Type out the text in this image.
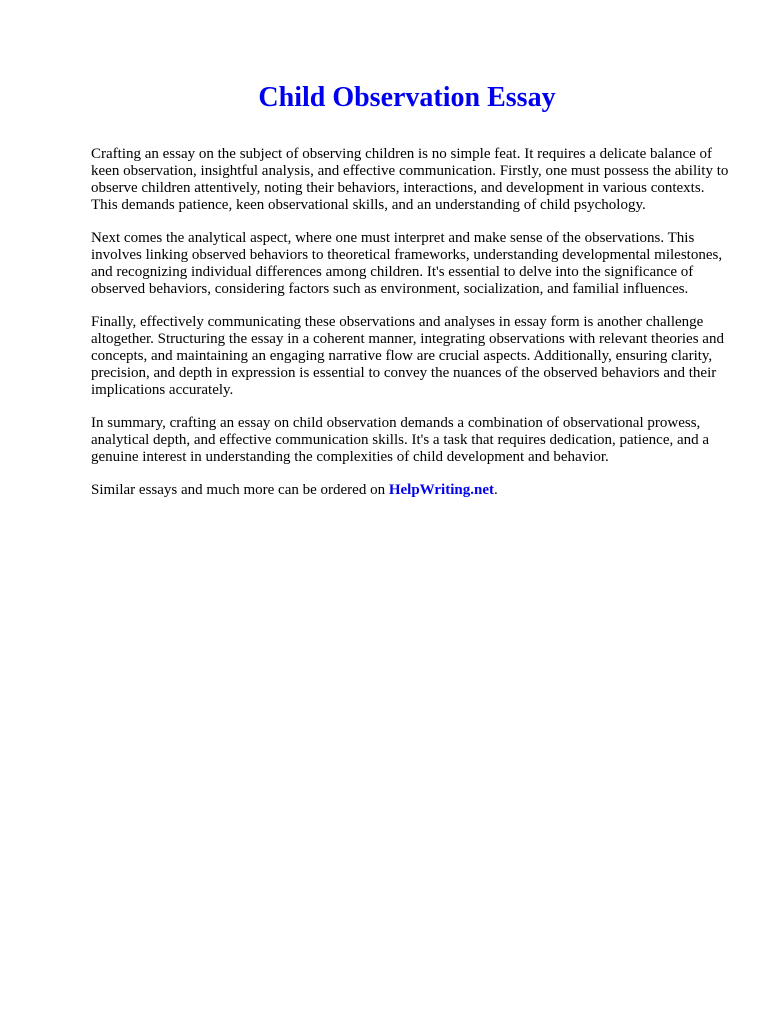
Child Observation Essay

Crafting an essay on the subject of observing children is no simple feat. It requires a delicate balance of keen observation, insightful analysis, and effective communication. Firstly, one must possess the ability to observe children attentively, noting their behaviors, interactions, and development in various contexts. This demands patience, keen observational skills, and an understanding of child psychology.

Next comes the analytical aspect, where one must interpret and make sense of the observations. This involves linking observed behaviors to theoretical frameworks, understanding developmental milestones, and recognizing individual differences among children. It's essential to delve into the significance of observed behaviors, considering factors such as environment, socialization, and familial influences.

Finally, effectively communicating these observations and analyses in essay form is another challenge altogether. Structuring the essay in a coherent manner, integrating observations with relevant theories and concepts, and maintaining an engaging narrative flow are crucial aspects. Additionally, ensuring clarity, precision, and depth in expression is essential to convey the nuances of the observed behaviors and their implications accurately.

In summary, crafting an essay on child observation demands a combination of observational prowess, analytical depth, and effective communication skills. It's a task that requires dedication, patience, and a genuine interest in understanding the complexities of child development and behavior.

Similar essays and much more can be ordered on HelpWriting.net.
